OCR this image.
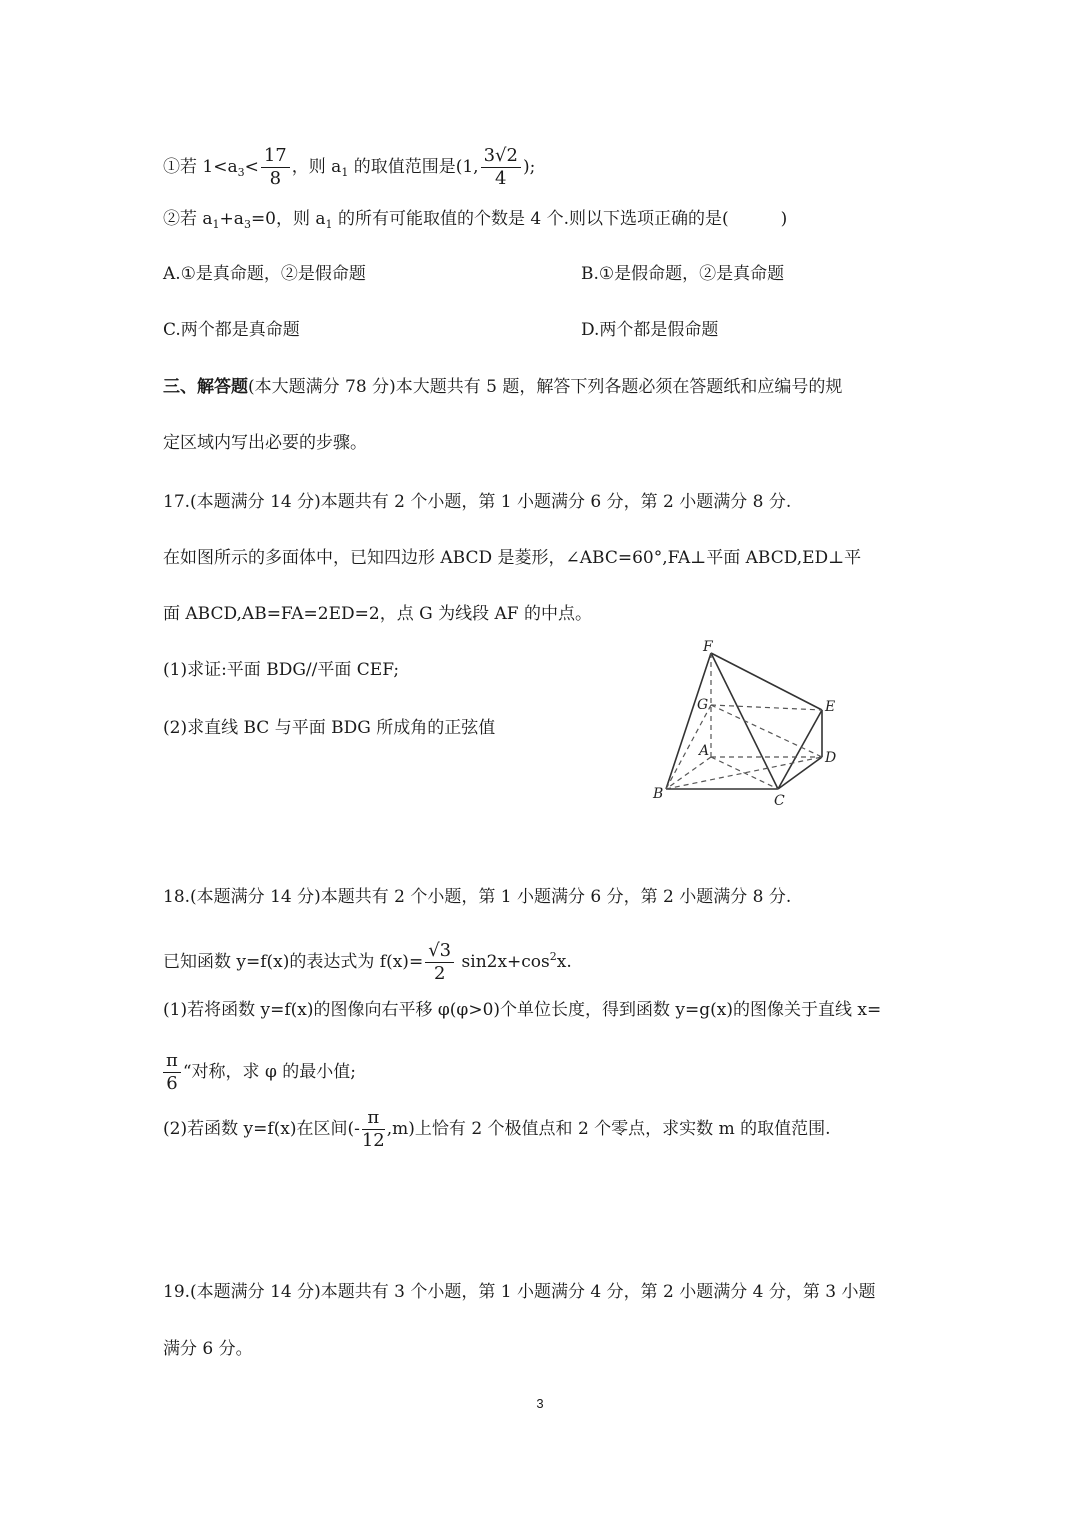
①若 $1<a_3< \frac{17}{8}$ ，则 $a_1$ 的取值范围是(1, $\frac{3√2}{4}$ );
②若 $a_1+a_3=0$，则 $a_1$ 的所有可能取值的个数是 4 个.则以下选项正确的是(	)
A.①是真命题，②是假命题	B.①是假命题，②是真命题
C.两个都是真命题	D.两个都是假命题
三、解答题(本大题满分 78 分)本大题共有 5 题，解答下列各题必须在答题纸和应编号的规
定区域内写出必要的步骤。
17.(本题满分 14 分)本题共有 2 个小题，第 1 小题满分 6 分，第 2 小题满分 8 分.
在如图所示的多面体中，已知四边形 ABCD 是菱形，∠ABC=60°,FA⊥平面 ABCD,ED⊥平
面 ABCD,AB=FA=2ED=2，点 G 为线段 AF 的中点。
(1)求证:平面 BDG//平面 CEF;
(2)求直线 BC 与平面 BDG 所成角的正弦值
F
G	E
A	D
B	C
18.(本题满分 14 分)本题共有 2 个小题，第 1 小题满分 6 分，第 2 小题满分 8 分.
已知函数 y=f(x)的表达式为 $f(x)= \frac{√3}{2} \sin 2x+\cos^2x$.
(1)若将函数 y=f(x)的图像向右平移 φ(φ>0)个单位长度，得到函数 y=g(x)的图像关于直线 x=
$\frac{\pi}{6}$ “对称，求 φ 的最小值;
(2)若函数 y=f(x)在区间(- $\frac{\pi}{12} ,m$)上恰有 2 个极值点和 2 个零点，求实数 m 的取值范围.
19.(本题满分 14 分)本题共有 3 个小题，第 1 小题满分 4 分，第 2 小题满分 4 分，第 3 小题
满分 6 分。
3
